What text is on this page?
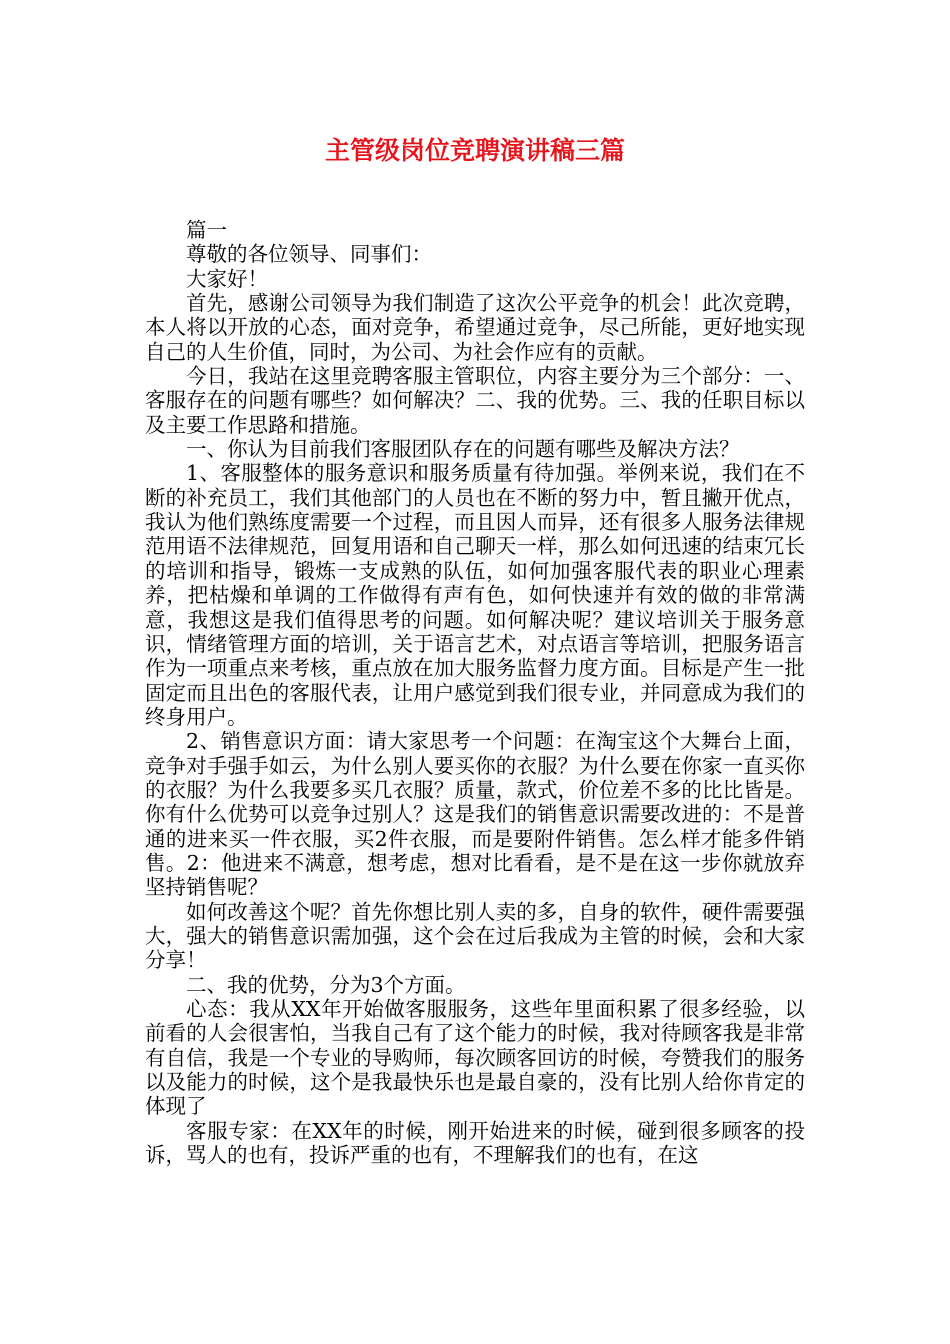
主管级岗位竞聘演讲稿三篇

篇一

尊敬的各位领导、同事们：

大家好！

首先，感谢公司领导为我们制造了这次公平竞争的机会！此次竞聘，本人将以开放的心态，面对竞争，希望通过竞争，尽己所能，更好地实现自己的人生价值，同时，为公司、为社会作应有的贡献。

今日，我站在这里竞聘客服主管职位，内容主要分为三个部分：一、客服存在的问题有哪些？如何解决？二、我的优势。三、我的任职目标以及主要工作思路和措施。

一、你认为目前我们客服团队存在的问题有哪些及解决方法？

1、客服整体的服务意识和服务质量有待加强。举例来说，我们在不断的补充员工，我们其他部门的人员也在不断的努力中，暂且撇开优点，我认为他们熟练度需要一个过程，而且因人而异，还有很多人服务法律规范用语不法律规范，回复用语和自己聊天一样，那么如何迅速的结束冗长的培训和指导，锻炼一支成熟的队伍，如何加强客服代表的职业心理素养，把枯燥和单调的工作做得有声有色，如何快速并有效的做的非常满意，我想这是我们值得思考的问题。如何解决呢？建议培训关于服务意识，情绪管理方面的培训，关于语言艺术，对点语言等培训，把服务语言作为一项重点来考核，重点放在加大服务监督力度方面。目标是产生一批固定而且出色的客服代表，让用户感觉到我们很专业，并同意成为我们的终身用户。

2、销售意识方面：请大家思考一个问题：在淘宝这个大舞台上面，竞争对手强手如云，为什么别人要买你的衣服？为什么要在你家一直买你的衣服？为什么我要多买几衣服？质量，款式，价位差不多的比比皆是。你有什么优势可以竞争过别人？这是我们的销售意识需要改进的：不是普通的进来买一件衣服，买2件衣服，而是要附件销售。怎么样才能多件销售。2：他进来不满意，想考虑，想对比看看，是不是在这一步你就放弃坚持销售呢？

如何改善这个呢？首先你想比别人卖的多，自身的软件，硬件需要强大，强大的销售意识需加强，这个会在过后我成为主管的时候，会和大家分享！

二、我的优势，分为3个方面。

心态：我从XX年开始做客服服务，这些年里面积累了很多经验，以前看的人会很害怕，当我自己有了这个能力的时候，我对待顾客我是非常有自信，我是一个专业的导购师，每次顾客回访的时候，夸赞我们的服务以及能力的时候，这个是我最快乐也是最自豪的，没有比别人给你肯定的体现了

客服专家：在XX年的时候，刚开始进来的时候，碰到很多顾客的投诉，骂人的也有，投诉严重的也有，不理解我们的也有，在这
